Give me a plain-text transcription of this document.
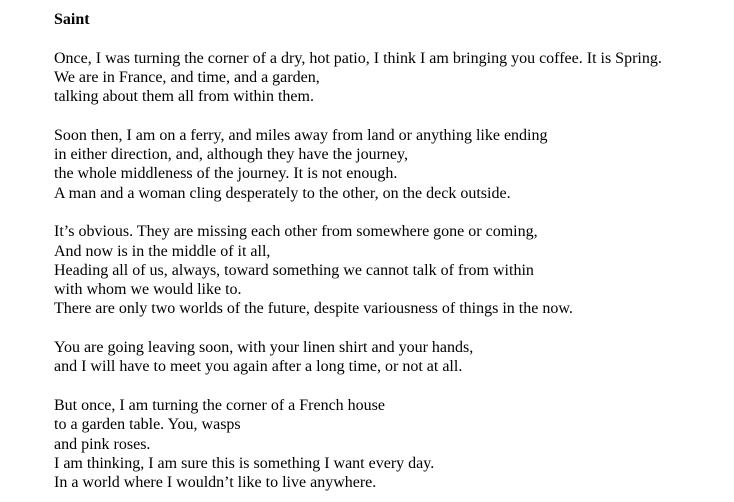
Saint
Once, I was turning the corner of a dry, hot patio, I think I am bringing you coffee. It is Spring.
We are in France, and time, and a garden,
talking about them all from within them.
Soon then, I am on a ferry, and miles away from land or anything like ending
in either direction, and, although they have the journey,
the whole middleness of the journey. It is not enough.
A man and a woman cling desperately to the other, on the deck outside.
It’s obvious. They are missing each other from somewhere gone or coming,
And now is in the middle of it all,
Heading all of us, always, toward something we cannot talk of from within
with whom we would like to.
There are only two worlds of the future, despite variousness of things in the now.
You are going leaving soon, with your linen shirt and your hands,
and I will have to meet you again after a long time, or not at all.
But once, I am turning the corner of a French house
to a garden table. You, wasps
and pink roses.
I am thinking, I am sure this is something I want every day.
In a world where I wouldn’t like to live anywhere.
